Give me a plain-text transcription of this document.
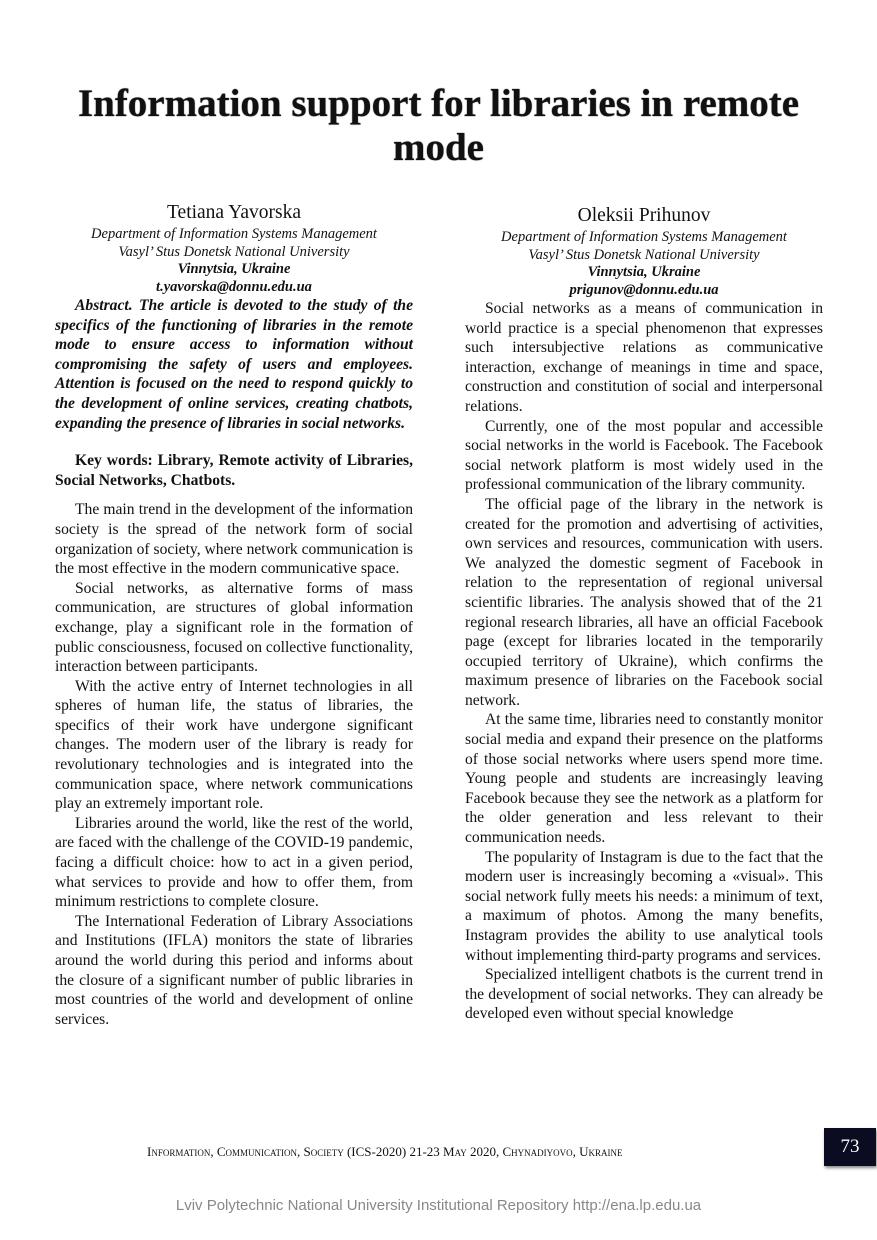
Information support for libraries in remote mode
Tetiana Yavorska
Department of Information Systems Management
Vasyl’ Stus Donetsk National University
Vinnytsia, Ukraine
t.yavorska@donnu.edu.ua

Abstract. The article is devoted to the study of the specifics of the functioning of libraries in the remote mode to ensure access to information without compromising the safety of users and employees. Attention is focused on the need to respond quickly to the development of online services, creating chatbots, expanding the presence of libraries in social networks.

Key words: Library, Remote activity of Libraries, Social Networks, Chatbots.

The main trend in the development of the information society is the spread of the network form of social organization of society, where network communication is the most effective in the modern communicative space.

Social networks, as alternative forms of mass communication, are structures of global information exchange, play a significant role in the formation of public consciousness, focused on collective functionality, interaction between participants.

With the active entry of Internet technologies in all spheres of human life, the status of libraries, the specifics of their work have undergone significant changes. The modern user of the library is ready for revolutionary technologies and is integrated into the communication space, where network communications play an extremely important role.

Libraries around the world, like the rest of the world, are faced with the challenge of the COVID-19 pandemic, facing a difficult choice: how to act in a given period, what services to provide and how to offer them, from minimum restrictions to complete closure.

The International Federation of Library Associations and Institutions (IFLA) monitors the state of libraries around the world during this period and informs about the closure of a significant number of public libraries in most countries of the world and development of online services.

Oleksii Prihunov
Department of Information Systems Management
Vasyl’ Stus Donetsk National University
Vinnytsia, Ukraine
prigunov@donnu.edu.ua

Social networks as a means of communication in world practice is a special phenomenon that expresses such intersubjective relations as communicative interaction, exchange of meanings in time and space, construction and constitution of social and interpersonal relations.

Currently, one of the most popular and accessible social networks in the world is Facebook. The Facebook social network platform is most widely used in the professional communication of the library community.

The official page of the library in the network is created for the promotion and advertising of activities, own services and resources, communication with users. We analyzed the domestic segment of Facebook in relation to the representation of regional universal scientific libraries. The analysis showed that of the 21 regional research libraries, all have an official Facebook page (except for libraries located in the temporarily occupied territory of Ukraine), which confirms the maximum presence of libraries on the Facebook social network.

At the same time, libraries need to constantly monitor social media and expand their presence on the platforms of those social networks where users spend more time. Young people and students are increasingly leaving Facebook because they see the network as a platform for the older generation and less relevant to their communication needs.

The popularity of Instagram is due to the fact that the modern user is increasingly becoming a «visual». This social network fully meets his needs: a minimum of text, a maximum of photos. Among the many benefits, Instagram provides the ability to use analytical tools without implementing third-party programs and services.

Specialized intelligent chatbots is the current trend in the development of social networks. They can already be developed even without special knowledge

Information, Communication, Society (ICS-2020) 21-23 May 2020, Chynadiyovo, Ukraine	73
Lviv Polytechnic National University Institutional Repository http://ena.lp.edu.ua
